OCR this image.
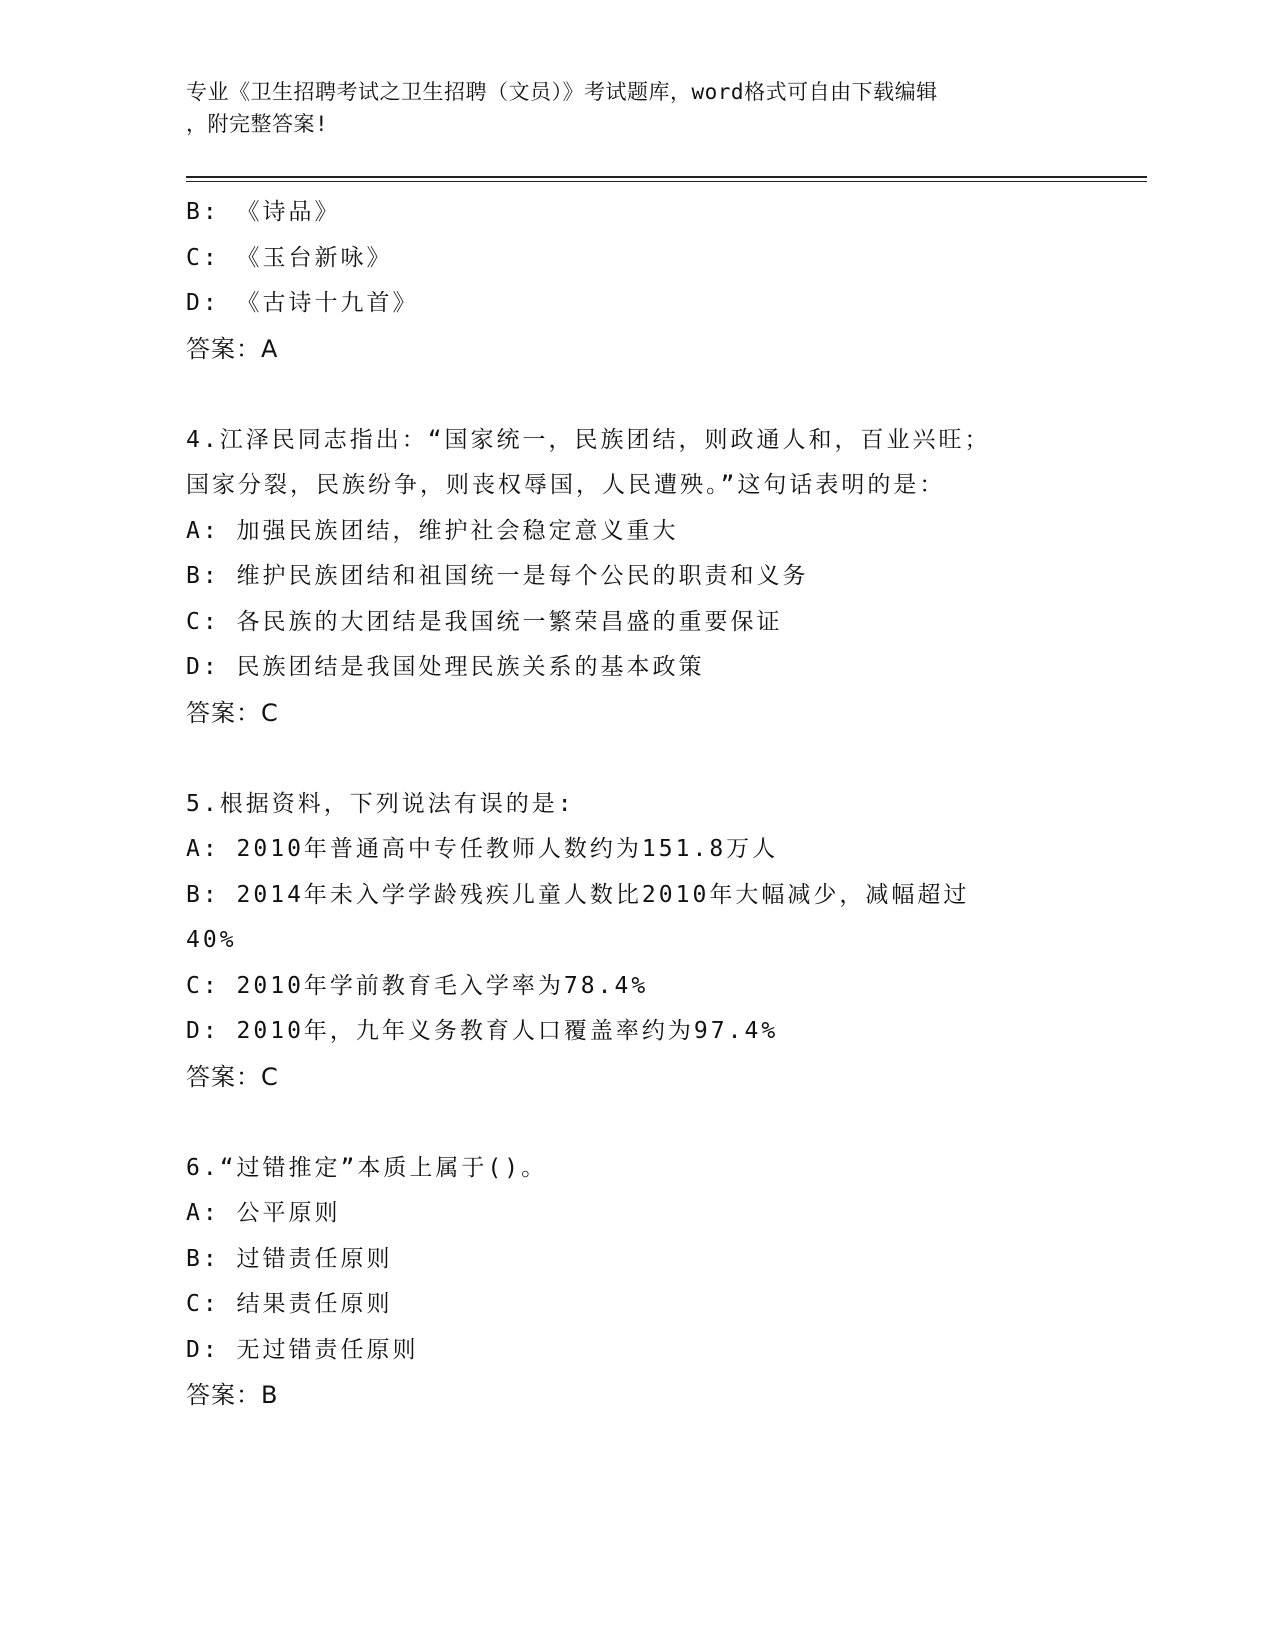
专业《卫生招聘考试之卫生招聘（文员）》考试题库，word格式可自由下载编辑
，附完整答案!
B: 《诗品》
C: 《玉台新咏》
D: 《古诗十九首》
答案：A
4.江泽民同志指出：“国家统一，民族团结，则政通人和，百业兴旺；
国家分裂，民族纷争，则丧权辱国，人民遭殃。”这句话表明的是：
A: 加强民族团结，维护社会稳定意义重大
B: 维护民族团结和祖国统一是每个公民的职责和义务
C: 各民族的大团结是我国统一繁荣昌盛的重要保证
D: 民族团结是我国处理民族关系的基本政策
答案：C
5.根据资料，下列说法有误的是:
A: 2010年普通高中专任教师人数约为151.8万人
B: 2014年未入学学龄残疾儿童人数比2010年大幅减少，减幅超过
40%
C: 2010年学前教育毛入学率为78.4%
D: 2010年，九年义务教育人口覆盖率约为97.4%
答案：C
6.“过错推定”本质上属于()。
A: 公平原则
B: 过错责任原则
C: 结果责任原则
D: 无过错责任原则
答案：B
